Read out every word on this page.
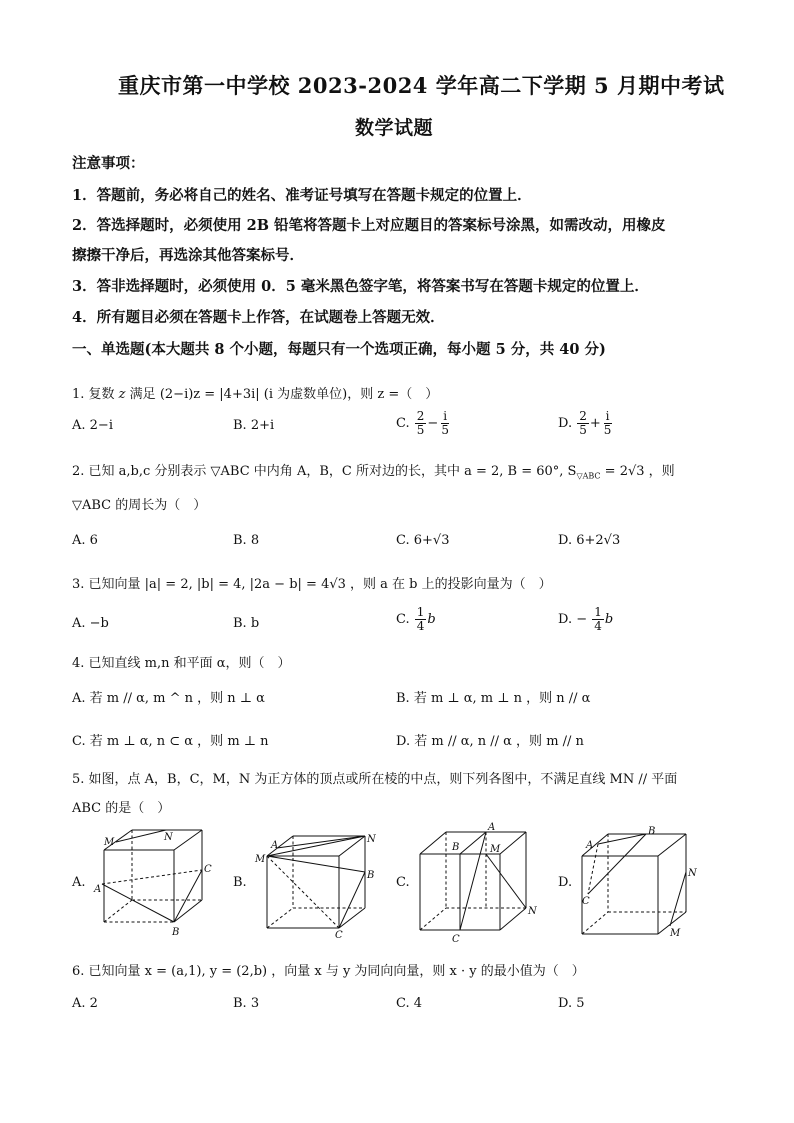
重庆市第一中学校 2023-2024 学年高二下学期 5 月期中考试
数学试题
注意事项：
1．答题前，务必将自己的姓名、准考证号填写在答题卡规定的位置上．
2．答选择题时，必须使用 2B 铅笔将答题卡上对应题目的答案标号涂黑，如需改动，用橡皮
擦擦干净后，再选涂其他答案标号．
3．答非选择题时，必须使用 0．5 毫米黑色签字笔，将答案书写在答题卡规定的位置上．
4．所有题目必须在答题卡上作答，在试题卷上答题无效．
一、单选题(本大题共 8 个小题，每题只有一个选项正确，每小题 5 分，共 40 分)
1. 复数 z 满足 (2−i)z = |4+3i| (i 为虚数单位)，则 z =（　）
A. 2−i	B. 2+i	C. $\frac{2}{5} - \frac{i}{5}$	D. $\frac{2}{5} + \frac{i}{5}$
2. 已知 a,b,c 分别表示 ▽ABC 中内角 A，B，C 所对边的长，其中 a = 2, B = 60°, $S_{▽ABC} = 2√3$ ，则
▽ABC 的周长为（　）
A. 6	B. 8	C. 6+√3	D. 6+2√3
3. 已知向量 |a| = 2, |b| = 4, |2a − b| = 4√3 ，则 a 在 b 上的投影向量为（　）
A. −b	B. b	C. $\frac{1}{4}$ b	D. − $\frac{1}{4}$ b
4. 已知直线 m,n 和平面 α，则（　）
A. 若 m // α, m ^ n ，则 n ⊥ α	B. 若 m ⊥ α, m ⊥ n ，则 n // α
C. 若 m ⊥ α, n ⊂ α ，则 m ⊥ n	D. 若 m // α, n // α ，则 m // n
5. 如图，点 A，B，C，M，N 为正方体的顶点或所在棱的中点，则下列各图中，不满足直线 MN // 平面
ABC 的是（　）
A.	B.	C.	D.
M	N
A
C
B
M
A
N
B
C
B
A
M
N
C
A
B
C
N
M
6. 已知向量 x = (a,1), y = (2,b) ，向量 x 与 y 为同向向量，则 x · y 的最小值为（　）
A. 2	B. 3	C. 4	D. 5
